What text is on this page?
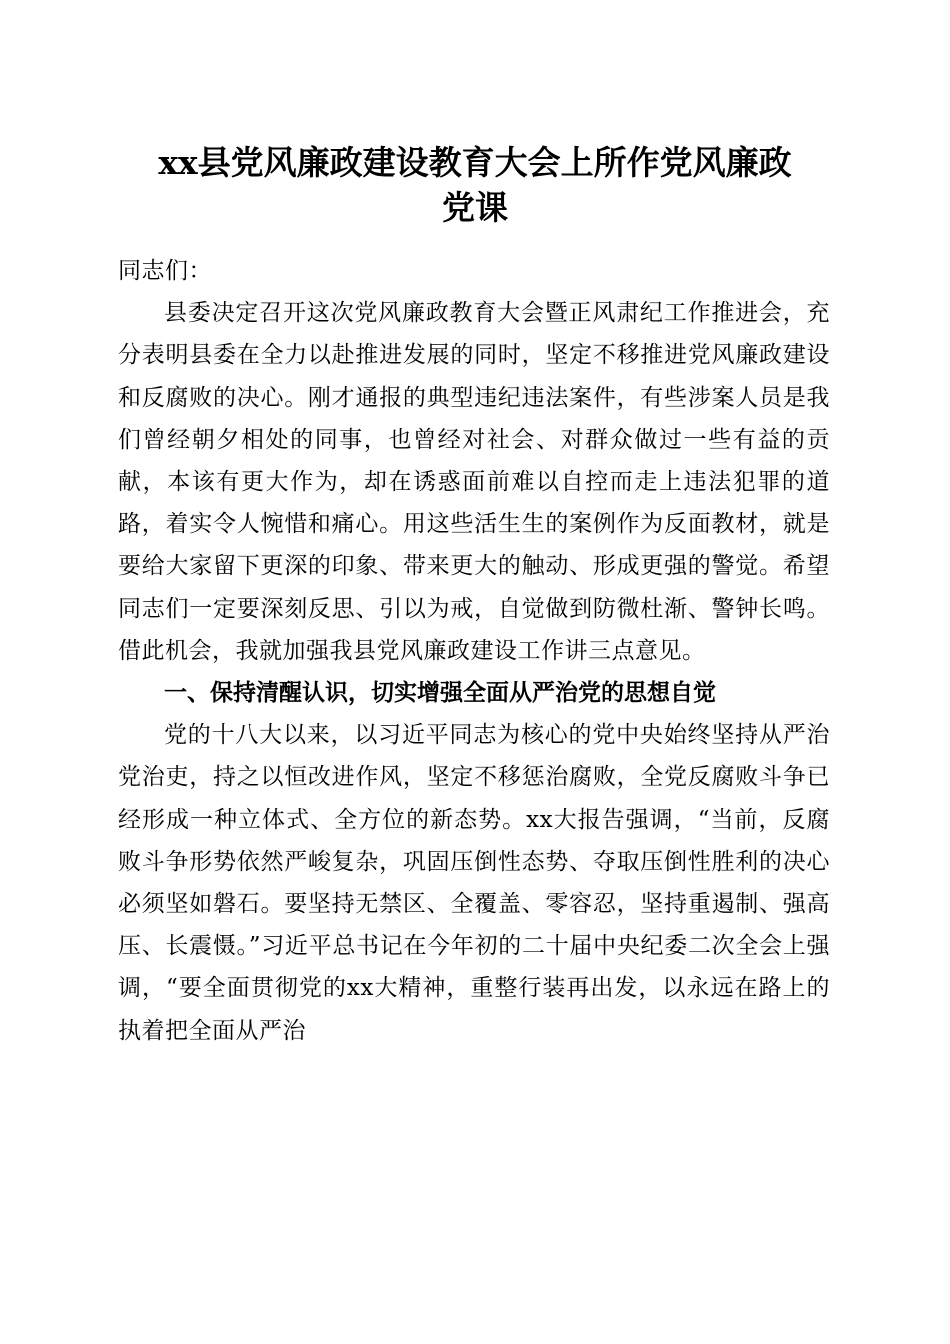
xx县党风廉政建设教育大会上所作党风廉政
党课

同志们：

县委决定召开这次党风廉政教育大会暨正风肃纪工作推进会，充分表明县委在全力以赴推进发展的同时，坚定不移推进党风廉政建设和反腐败的决心。刚才通报的典型违纪违法案件，有些涉案人员是我们曾经朝夕相处的同事，也曾经对社会、对群众做过一些有益的贡献，本该有更大作为，却在诱惑面前难以自控而走上违法犯罪的道路，着实令人惋惜和痛心。用这些活生生的案例作为反面教材，就是要给大家留下更深的印象、带来更大的触动、形成更强的警觉。希望同志们一定要深刻反思、引以为戒，自觉做到防微杜渐、警钟长鸣。借此机会，我就加强我县党风廉政建设工作讲三点意见。

一、保持清醒认识，切实增强全面从严治党的思想自觉

党的十八大以来，以习近平同志为核心的党中央始终坚持从严治党治吏，持之以恒改进作风，坚定不移惩治腐败，全党反腐败斗争已经形成一种立体式、全方位的新态势。xx大报告强调，“当前，反腐败斗争形势依然严峻复杂，巩固压倒性态势、夺取压倒性胜利的决心必须坚如磐石。要坚持无禁区、全覆盖、零容忍，坚持重遏制、强高压、长震慑。”习近平总书记在今年初的二十届中央纪委二次全会上强调，“要全面贯彻党的xx大精神，重整行装再出发，以永远在路上的执着把全面从严治
